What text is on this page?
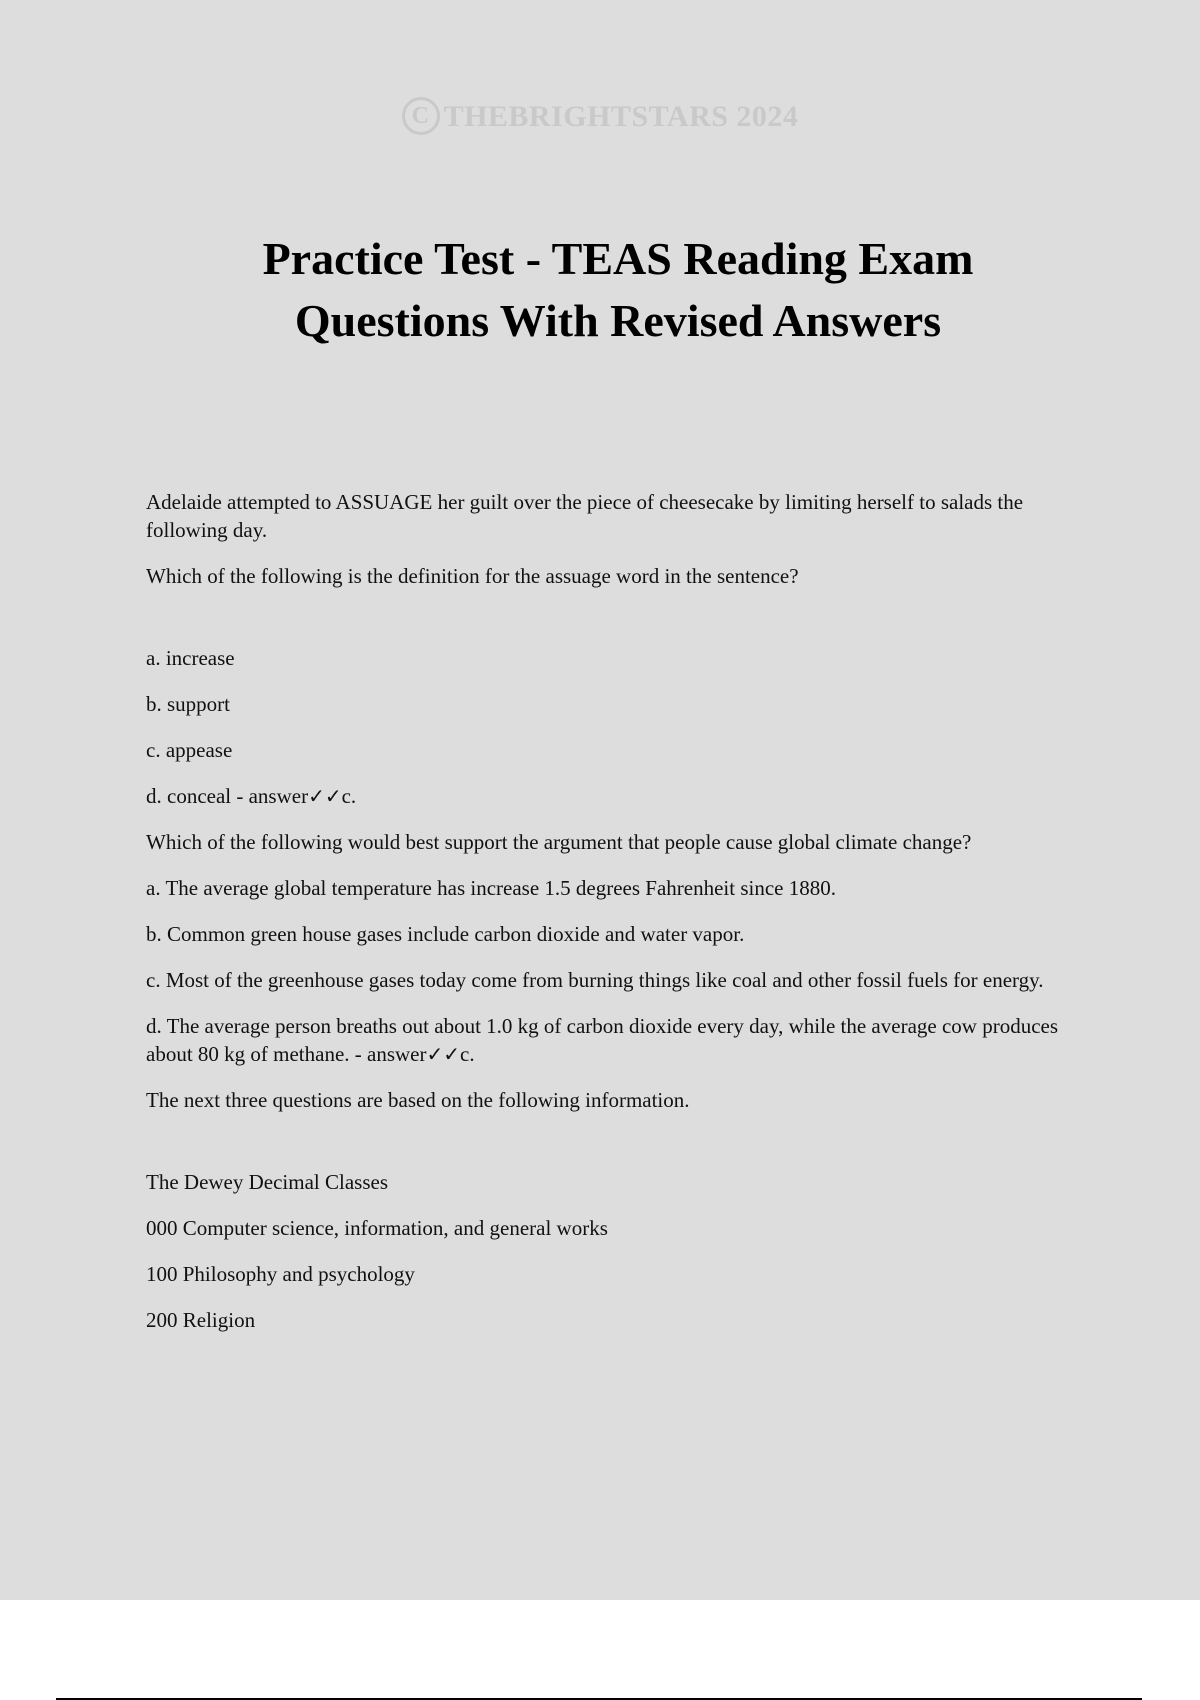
C THEBRIGHTSTARS 2024
Practice Test - TEAS Reading Exam
Questions With Revised Answers

Adelaide attempted to ASSUAGE her guilt over the piece of cheesecake by limiting herself to salads the following day.

Which of the following is the definition for the assuage word in the sentence?

a. increase

b. support

c. appease

d. conceal - answer✓✓c.

Which of the following would best support the argument that people cause global climate change?

a. The average global temperature has increase 1.5 degrees Fahrenheit since 1880.

b. Common green house gases include carbon dioxide and water vapor.

c. Most of the greenhouse gases today come from burning things like coal and other fossil fuels for energy.

d. The average person breaths out about 1.0 kg of carbon dioxide every day, while the average cow produces about 80 kg of methane. - answer✓✓c.

The next three questions are based on the following information.

The Dewey Decimal Classes

000 Computer science, information, and general works

100 Philosophy and psychology

200 Religion
